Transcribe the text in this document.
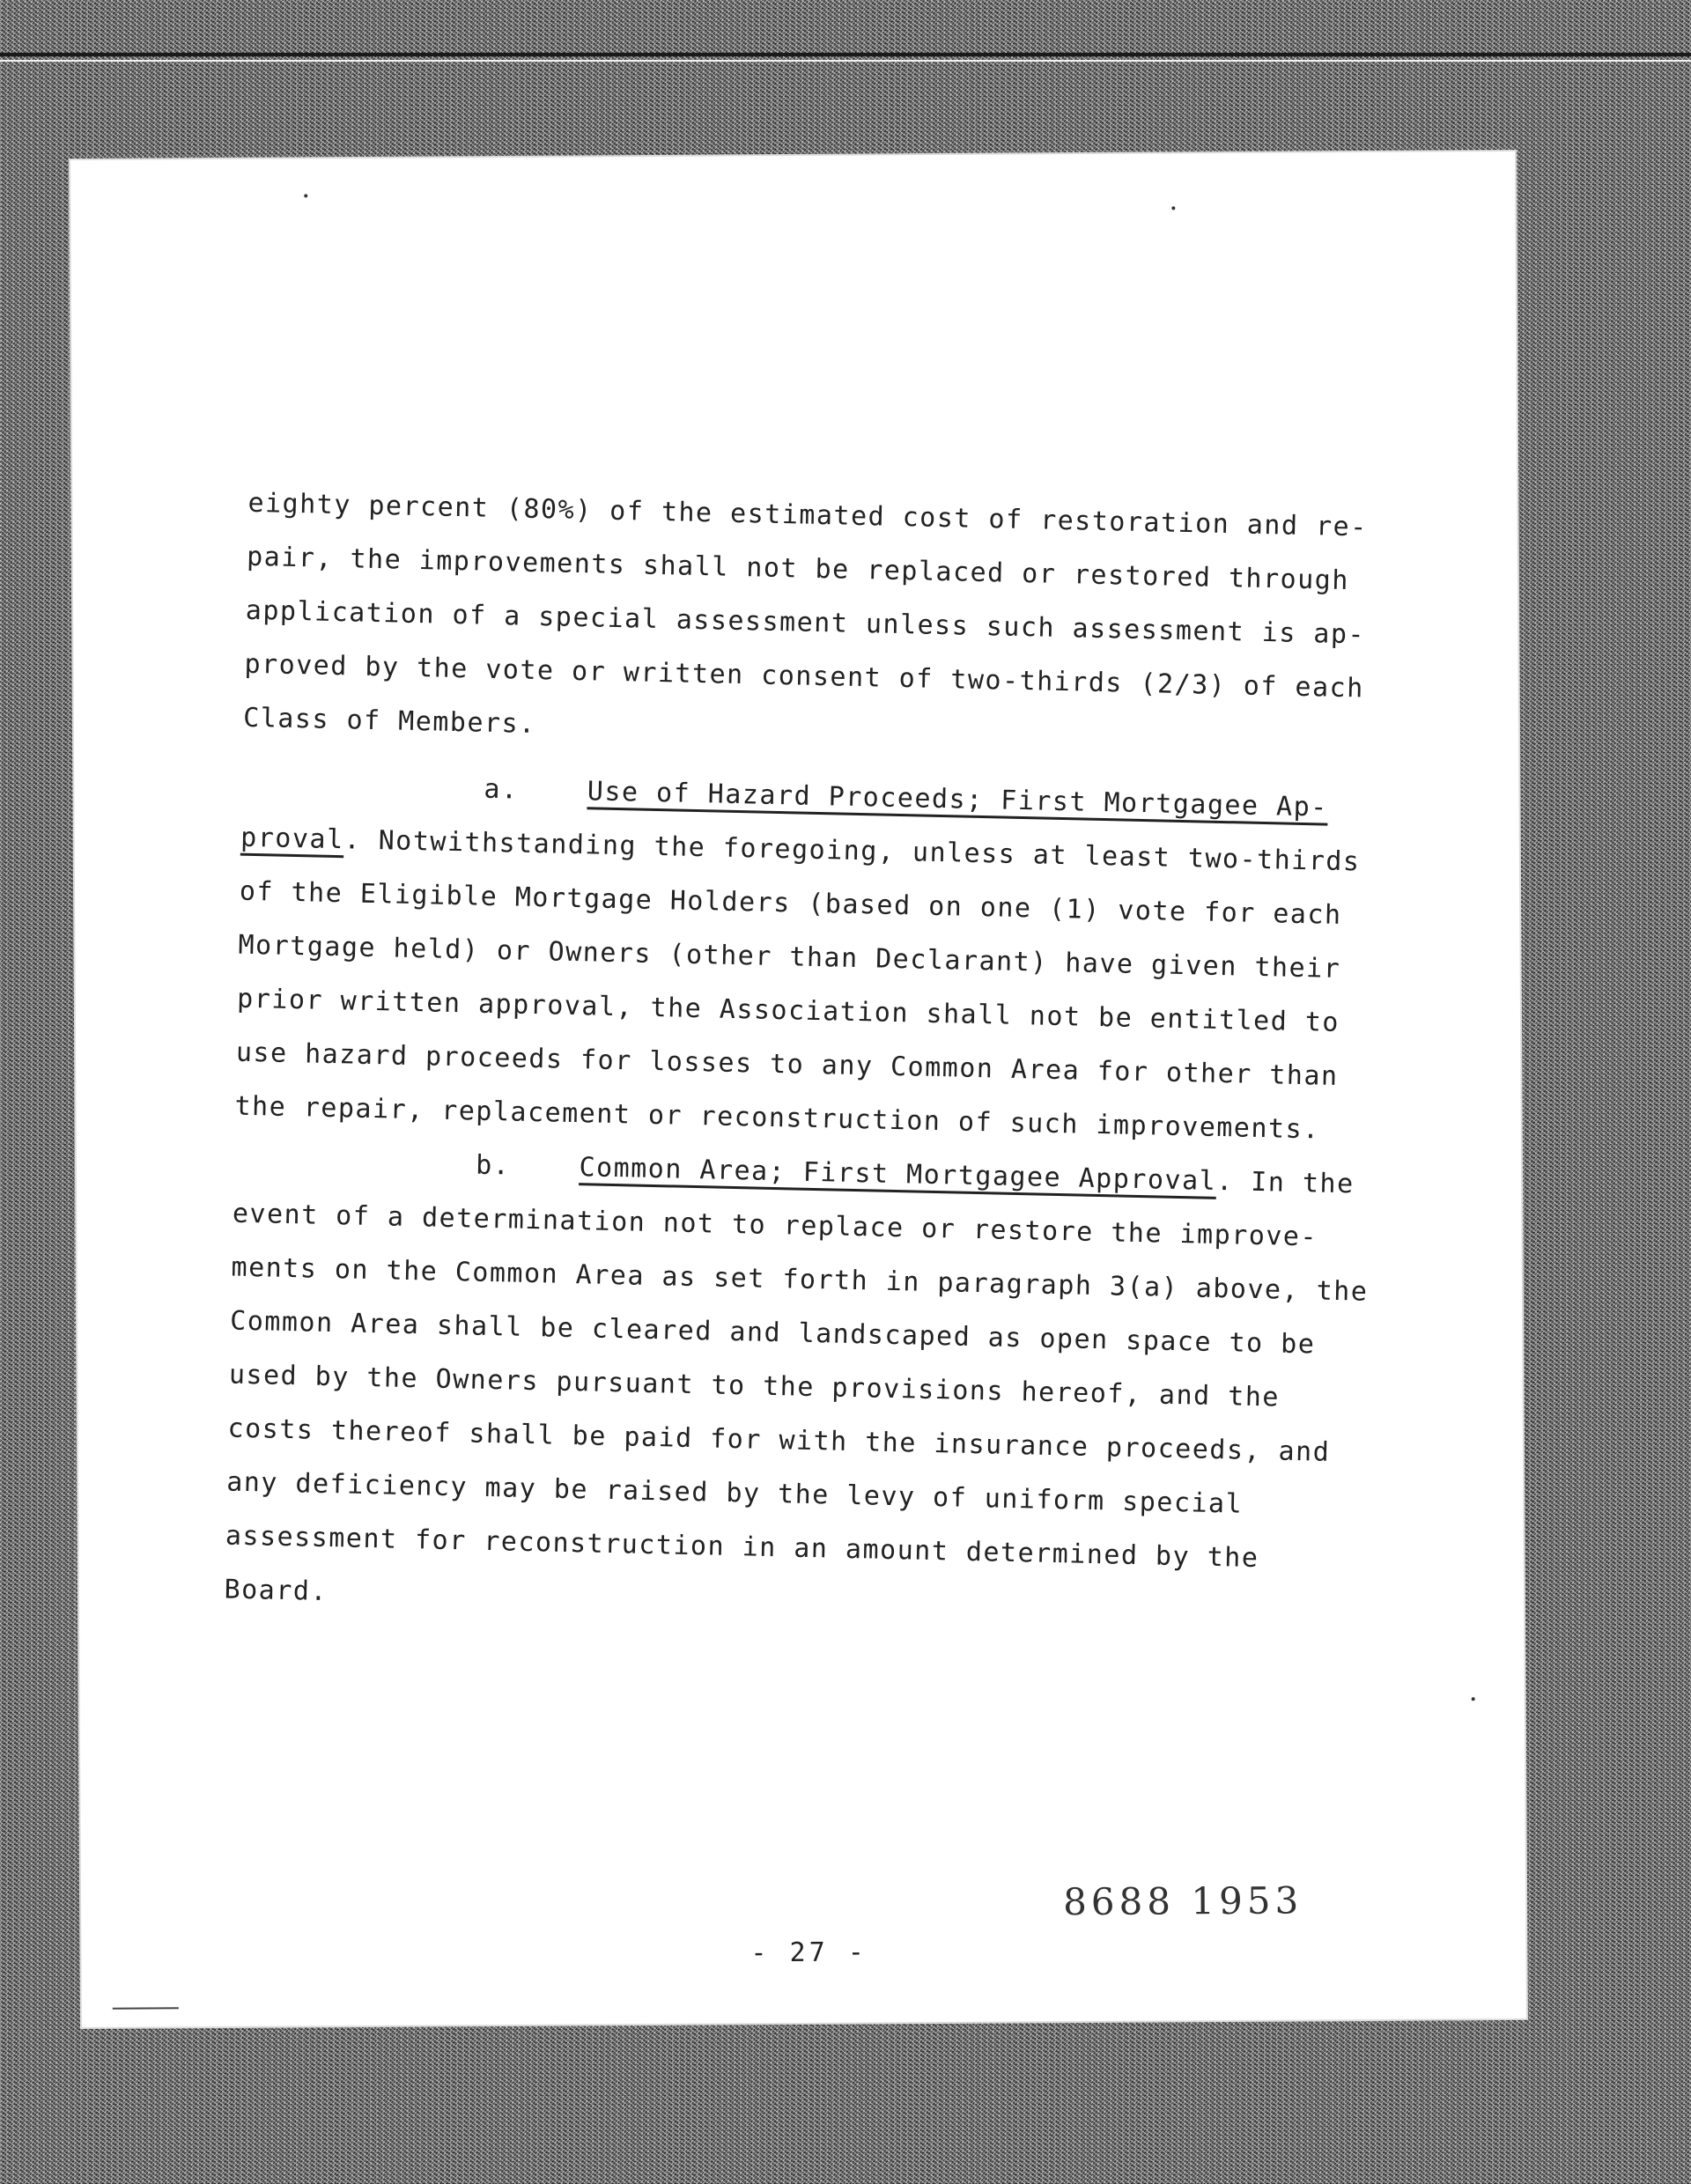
eighty percent (80%) of the estimated cost of restoration and re-
pair, the improvements shall not be replaced or restored through
application of a special assessment unless such assessment is ap-
proved by the vote or written consent of two-thirds (2/3) of each
Class of Members.
a.	Use of Hazard Proceeds; First Mortgagee Ap-
proval. Notwithstanding the foregoing, unless at least two-thirds
of the Eligible Mortgage Holders (based on one (1) vote for each
Mortgage held) or Owners (other than Declarant) have given their
prior written approval, the Association shall not be entitled to
use hazard proceeds for losses to any Common Area for other than
the repair, replacement or reconstruction of such improvements.
b.	Common Area; First Mortgagee Approval. In the
event of a determination not to replace or restore the improve-
ments on the Common Area as set forth in paragraph 3(a) above, the
Common Area shall be cleared and landscaped as open space to be
used by the Owners pursuant to the provisions hereof, and the
costs thereof shall be paid for with the insurance proceeds, and
any deficiency may be raised by the levy of uniform special
assessment for reconstruction in an amount determined by the
Board.
8688 1953
- 27 -
